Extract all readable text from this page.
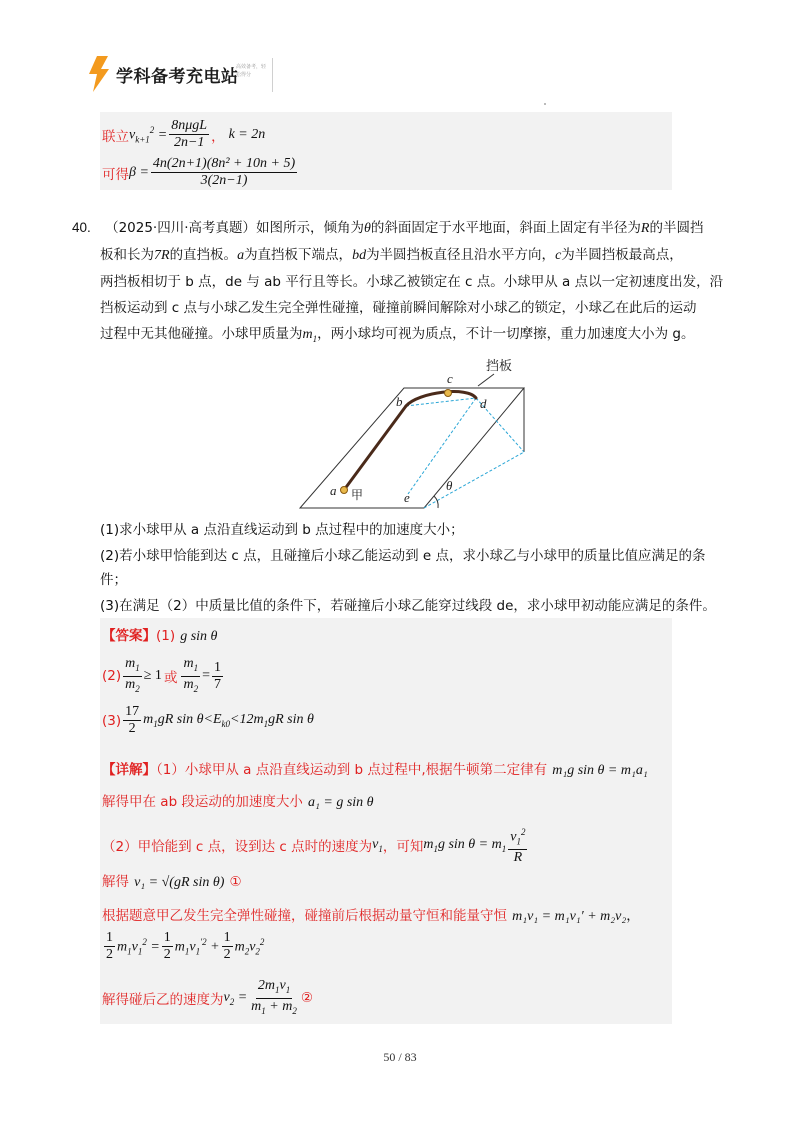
学科备考充电站
高效备考，轻松得分
联立 $v_{k+1}^2 = \frac{\text{8nμgL}}{2n-1}$ ， k = 2n
可得 $\beta = \frac{\text{4n(2n+1)(8n² + 10n + 5)}}{3(2n-1)}$
40. （2025·四川·高考真题）如图所示，倾角为θ的斜面固定于水平地面，斜面上固定有半径为R的半圆挡
板和长为7R的直挡板。a为直挡板下端点，bd为半圆挡板直径且沿水平方向，c为半圆挡板最高点，
两挡板相切于 b 点，de 与 ab 平行且等长。小球乙被锁定在 c 点。小球甲从 a 点以一定初速度出发，沿
挡板运动到 c 点与小球乙发生完全弹性碰撞，碰撞前瞬间解除对小球乙的锁定，小球乙在此后的运动
过程中无其他碰撞。小球甲质量为$m_1$，两小球均可视为质点，不计一切摩擦，重力加速度大小为 g。
挡板
a 甲
b
c
d
e
θ
(1)求小球甲从 a 点沿直线运动到 b 点过程中的加速度大小；
(2)若小球甲恰能到达 c 点，且碰撞后小球乙能运动到 e 点，求小球乙与小球甲的质量比值应满足的条
件；
(3)在满足（2）中质量比值的条件下，若碰撞后小球乙能穿过线段 de，求小球甲初动能应满足的条件。
【答案】(1) g sin θ
$(2) \frac{m_1}{m_2} \ge 1$ 或 $\frac{m_1}{m_2} = \frac{1}{7}$
$(3) \frac{17}{2} m_1gR$ $\sin \theta<E_{k0}<12m_1gR$ sin θ
【详解】（1）小球甲从 a 点沿直线运动到 b 点过程中,根据牛顿第二定律有 m₁g sin θ = m₁a₁
解得甲在 ab 段运动的加速度大小 a₁ = g sin θ
（2）甲恰能到 c 点，设到达 c 点时的速度为 $v_1$ ，可知 $m_1g$ $\sin \theta = m_1 \frac{v_1^2}{R}$
解得 v₁ = √(gR sin θ) ①
根据题意甲乙发生完全弹性碰撞，碰撞前后根据动量守恒和能量守恒 m₁v₁ = m₁v₁′ + m₂v₂，
$\frac{1}{2} m_1v_1^2 = \frac{1}{2} m_1v_1^{'2} + \frac{1}{2} m_2v_2^2$
解得碰后乙的速度为 $v_2 = \frac{2m_1v_1}{m_1 + m_2}$ ②
50 / 83
